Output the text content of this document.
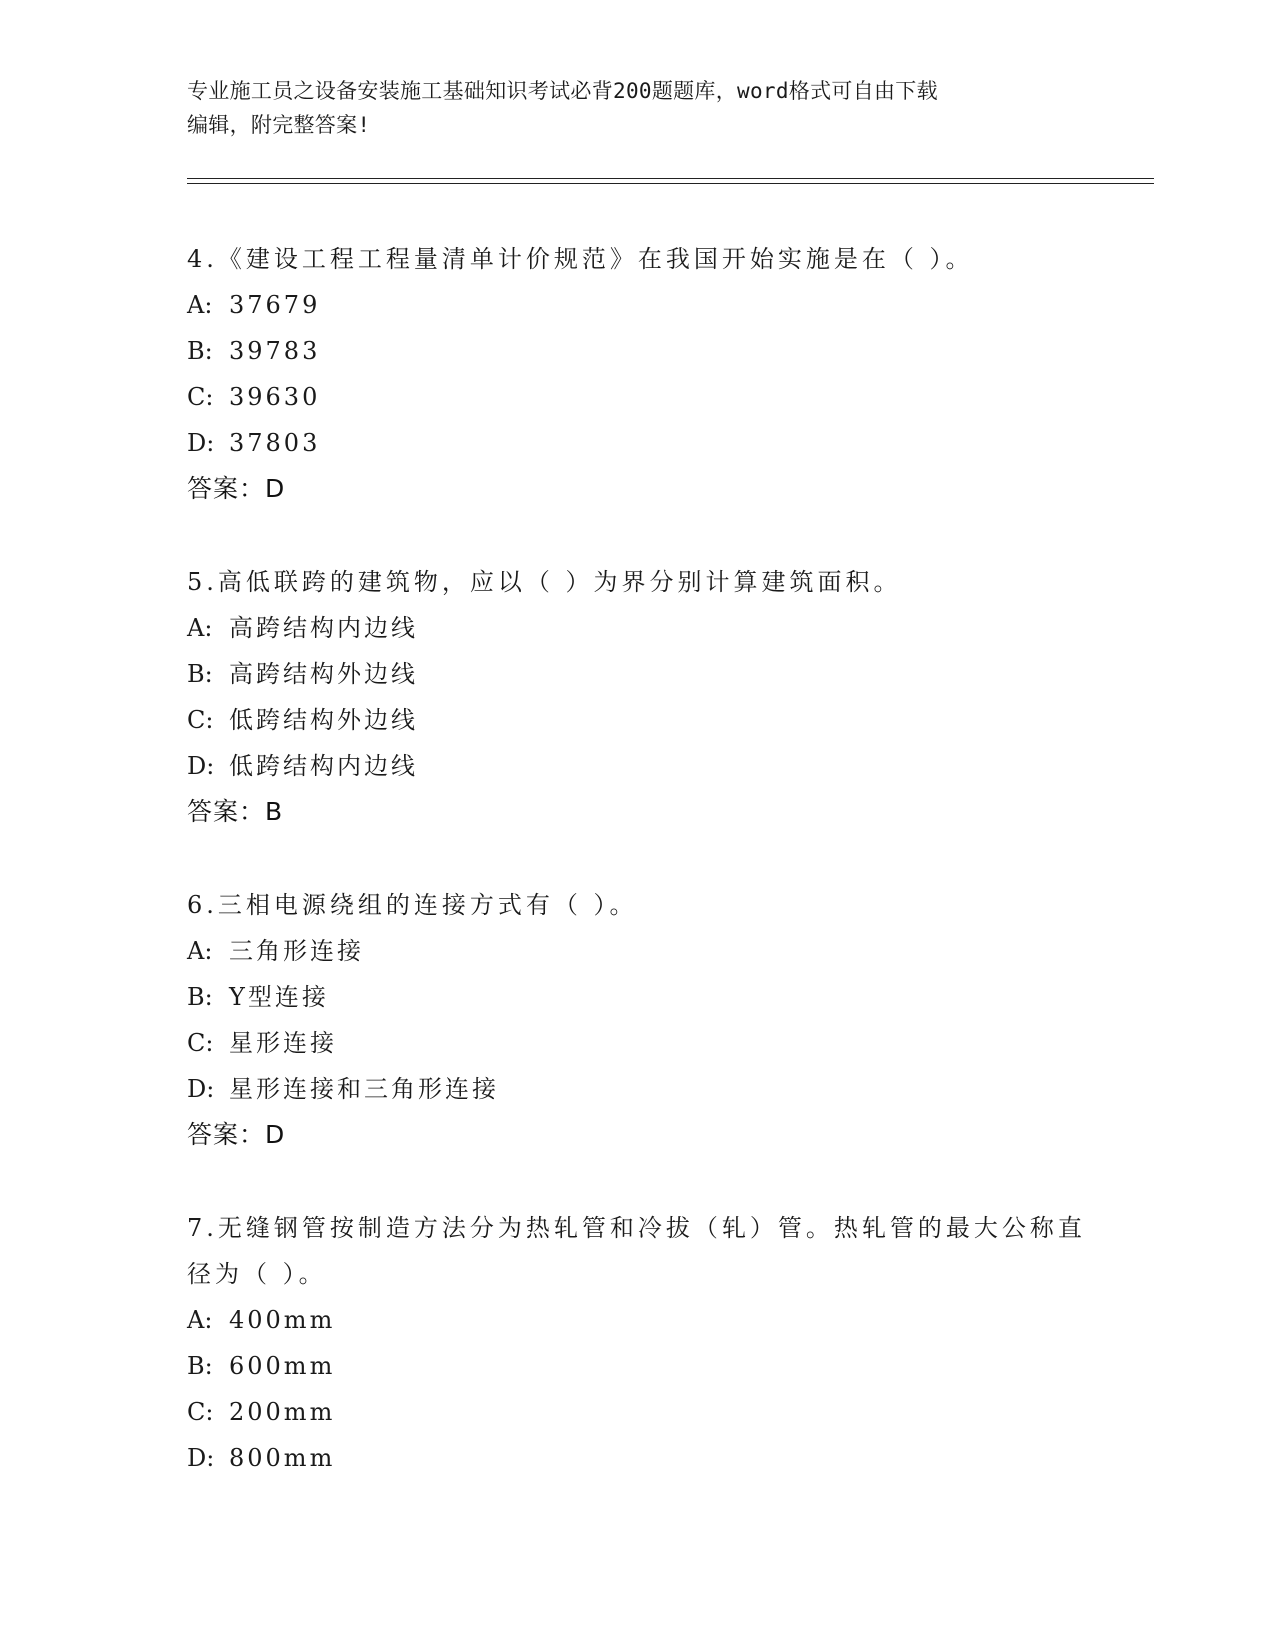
专业施工员之设备安装施工基础知识考试必背200题题库，word格式可自由下载
编辑，附完整答案!
4.《建设工程工程量清单计价规范》在我国开始实施是在（ ）。
A: 37679
B: 39783
C: 39630
D: 37803
答案：D
5.高低联跨的建筑物，应以（ ）为界分别计算建筑面积。
A: 高跨结构内边线
B: 高跨结构外边线
C: 低跨结构外边线
D: 低跨结构内边线
答案：B
6.三相电源绕组的连接方式有（ ）。
A: 三角形连接
B: Y型连接
C: 星形连接
D: 星形连接和三角形连接
答案：D
7.无缝钢管按制造方法分为热轧管和冷拔（轧）管。热轧管的最大公称直径为（ ）。
A: 400mm
B: 600mm
C: 200mm
D: 800mm
